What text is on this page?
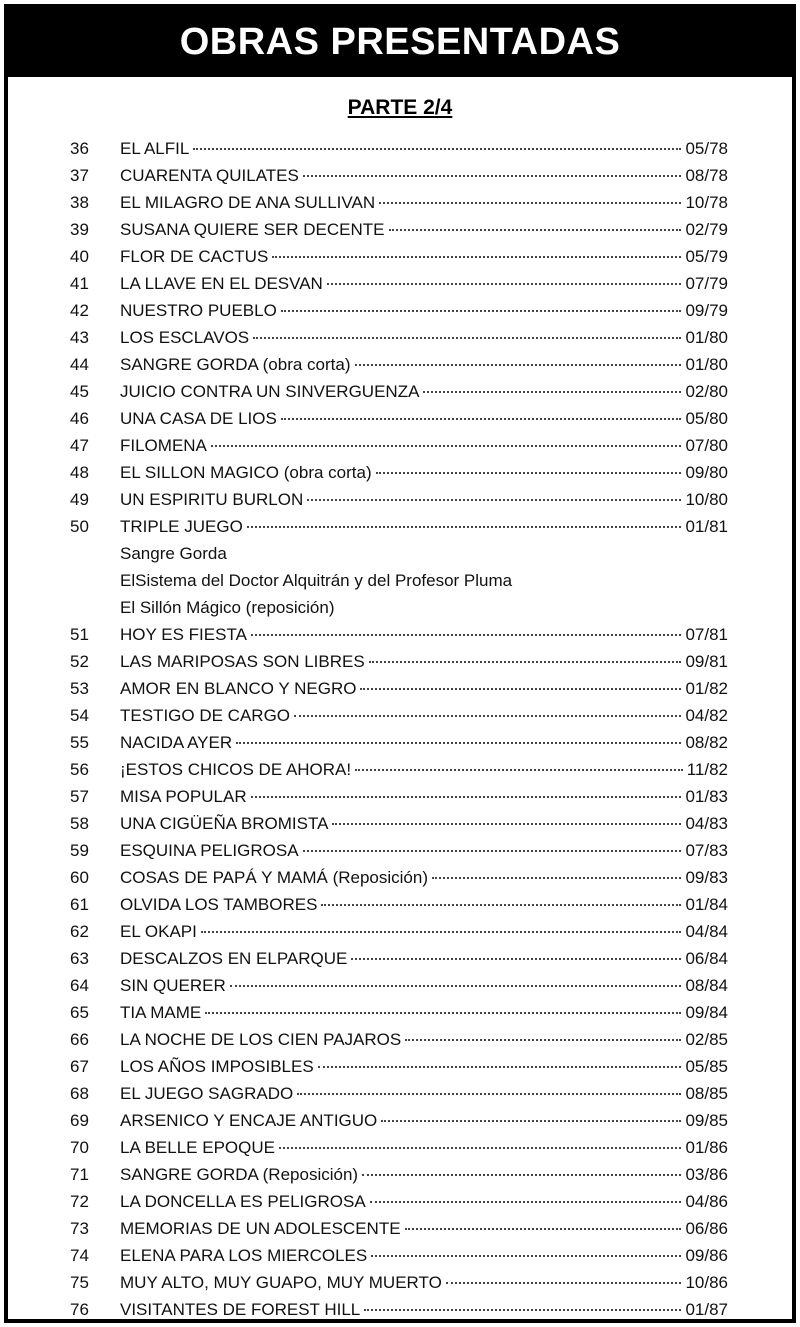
OBRAS PRESENTADAS
PARTE 2/4
36	EL ALFIL	05/78
37	CUARENTA QUILATES	08/78
38	EL MILAGRO DE ANA SULLIVAN	10/78
39	SUSANA QUIERE SER DECENTE	02/79
40	FLOR DE CACTUS	05/79
41	LA LLAVE EN EL DESVAN	07/79
42	NUESTRO PUEBLO	09/79
43	LOS ESCLAVOS	01/80
44	SANGRE GORDA (obra corta)	01/80
45	JUICIO CONTRA UN SINVERGUENZA	02/80
46	UNA CASA DE LIOS	05/80
47	FILOMENA	07/80
48	EL SILLON MAGICO (obra corta)	09/80
49	UN ESPIRITU BURLON	10/80
50	TRIPLE JUEGO	01/81
Sangre Gorda
ElSistema del Doctor Alquitrán y del Profesor Pluma
El Sillón Mágico (reposición)
51	HOY ES FIESTA	07/81
52	LAS MARIPOSAS SON LIBRES	09/81
53	AMOR EN BLANCO Y NEGRO	01/82
54	TESTIGO DE CARGO	04/82
55	NACIDA AYER	08/82
56	¡ESTOS CHICOS DE AHORA!	11/82
57	MISA POPULAR	01/83
58	UNA CIGÜEÑA BROMISTA	04/83
59	ESQUINA PELIGROSA	07/83
60	COSAS DE PAPÁ Y MAMÁ (Reposición)	09/83
61	OLVIDA LOS TAMBORES	01/84
62	EL OKAPI	04/84
63	DESCALZOS EN ELPARQUE	06/84
64	SIN QUERER	08/84
65	TIA MAME	09/84
66	LA NOCHE DE LOS CIEN PAJAROS	02/85
67	LOS AÑOS IMPOSIBLES	05/85
68	EL JUEGO SAGRADO	08/85
69	ARSENICO Y ENCAJE ANTIGUO	09/85
70	LA BELLE EPOQUE	01/86
71	SANGRE GORDA (Reposición)	03/86
72	LA DONCELLA ES PELIGROSA	04/86
73	MEMORIAS DE UN ADOLESCENTE	06/86
74	ELENA PARA LOS MIERCOLES	09/86
75	MUY ALTO, MUY GUAPO, MUY MUERTO	10/86
76	VISITANTES DE FOREST HILL	01/87
